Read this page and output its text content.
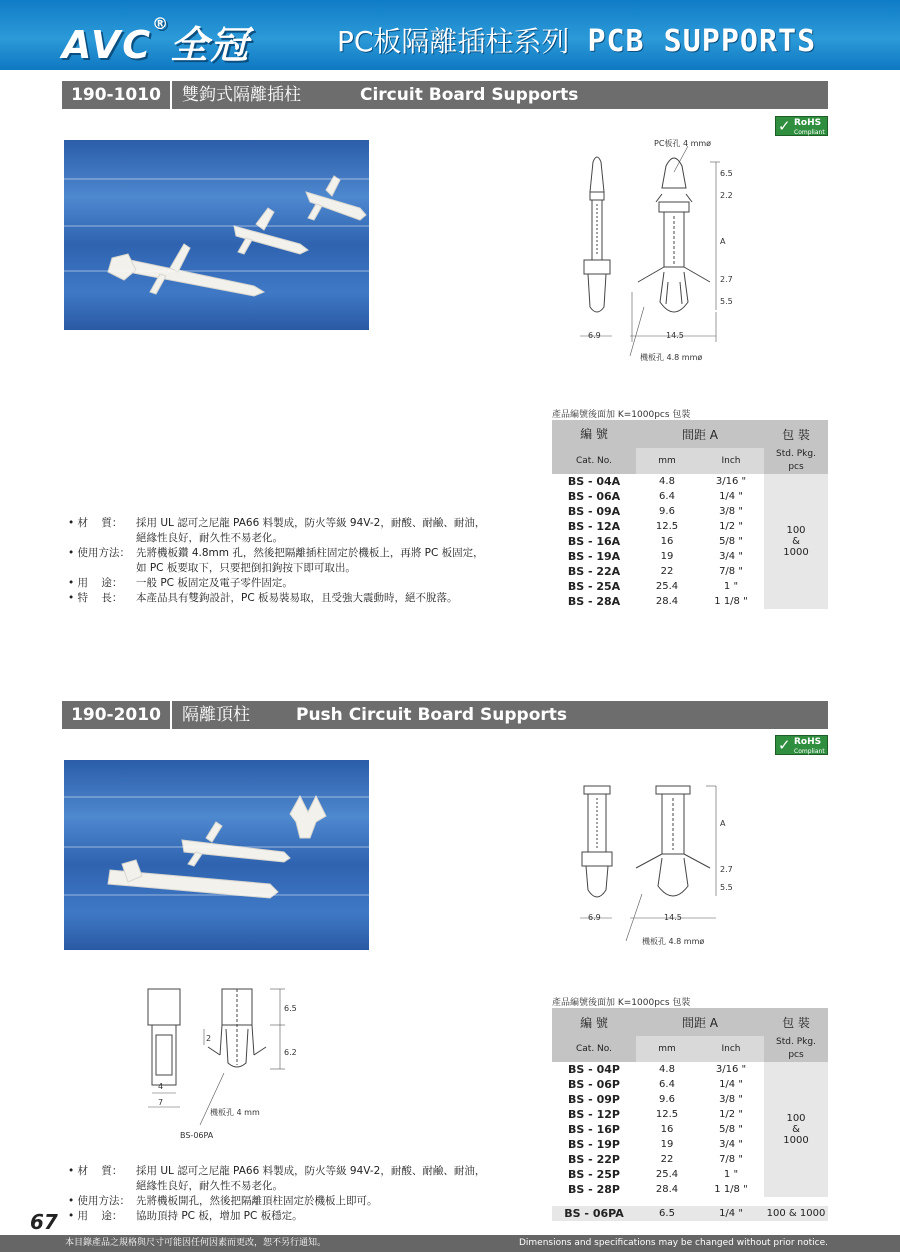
AVC®全冠	PC板隔離插柱系列 PCB SUPPORTS
190-1010	雙鉤式隔離插柱	Circuit Board Supports
✓ RoHS
Compliant
PC板孔 4 mmø
6.5
2.2
A
2.7
5.5
6.9	14.5
機板孔 4.8 mmø
產品編號後面加 K=1000pcs 包裝
編 號	間距 A		包 裝
Cat. No.	mm	Inch	Std. Pkg.
pcs
BS - 04A	4.8	3/16 "	100
&
1000
BS - 06A	6.4	1/4 "	
BS - 09A	9.6	3/8 "	
BS - 12A	12.5	1/2 "	
BS - 16A	16	5/8 "	
BS - 19A	19	3/4 "	
BS - 22A	22	7/8 "	
BS - 25A	25.4	1 "	
BS - 28A	28.4	1 1/8 "	
• 材    質：	採用 UL 認可之尼龍 PA66 料製成，防火等級 94V-2，耐酸、耐鹼、耐油，絕緣性良好，耐久性不易老化。
• 使用方法： 先將機板鑽 4.8mm 孔，然後把隔離插柱固定於機板上，再將 PC 板固定，如 PC 板要取下，只要把倒扣鉤按下即可取出。
• 用    途：	一般 PC 板固定及電子零件固定。
• 特    長：	本產品具有雙鉤設計，PC 板易裝易取，且受強大震動時，絕不脫落。
190-2010	隔離頂柱	Push Circuit Board Supports
✓ RoHS
Compliant
A
2.7
5.5
6.9	14.5
機板孔 4.8 mmø
6.5
2
6.2
4
7
機板孔 4 mm
BS-06PA
產品編號後面加 K=1000pcs 包裝
編 號	間距 A		包 裝
Cat. No.	mm	Inch	Std. Pkg.
pcs
BS - 04P	4.8	3/16 "	100
&
1000
BS - 06P	6.4	1/4 "	
BS - 09P	9.6	3/8 "	
BS - 12P	12.5	1/2 "	
BS - 16P	16	5/8 "	
BS - 19P	19	3/4 "	
BS - 22P	22	7/8 "	
BS - 25P	25.4	1 "	
BS - 28P	28.4	1 1/8 "	
BS - 06PA	6.5	1/4 "	100 & 1000
• 材    質：	採用 UL 認可之尼龍 PA66 料製成，防火等級 94V-2，耐酸、耐鹼、耐油，絕緣性良好，耐久性不易老化。
• 使用方法： 先將機板開孔，然後把隔離頂柱固定於機板上即可。
• 用    途：	協助頂持 PC 板，增加 PC 板穩定。
67
本目錄產品之規格與尺寸可能因任何因素而更改，恕不另行通知。	Dimensions and specifications may be changed without prior notice.
